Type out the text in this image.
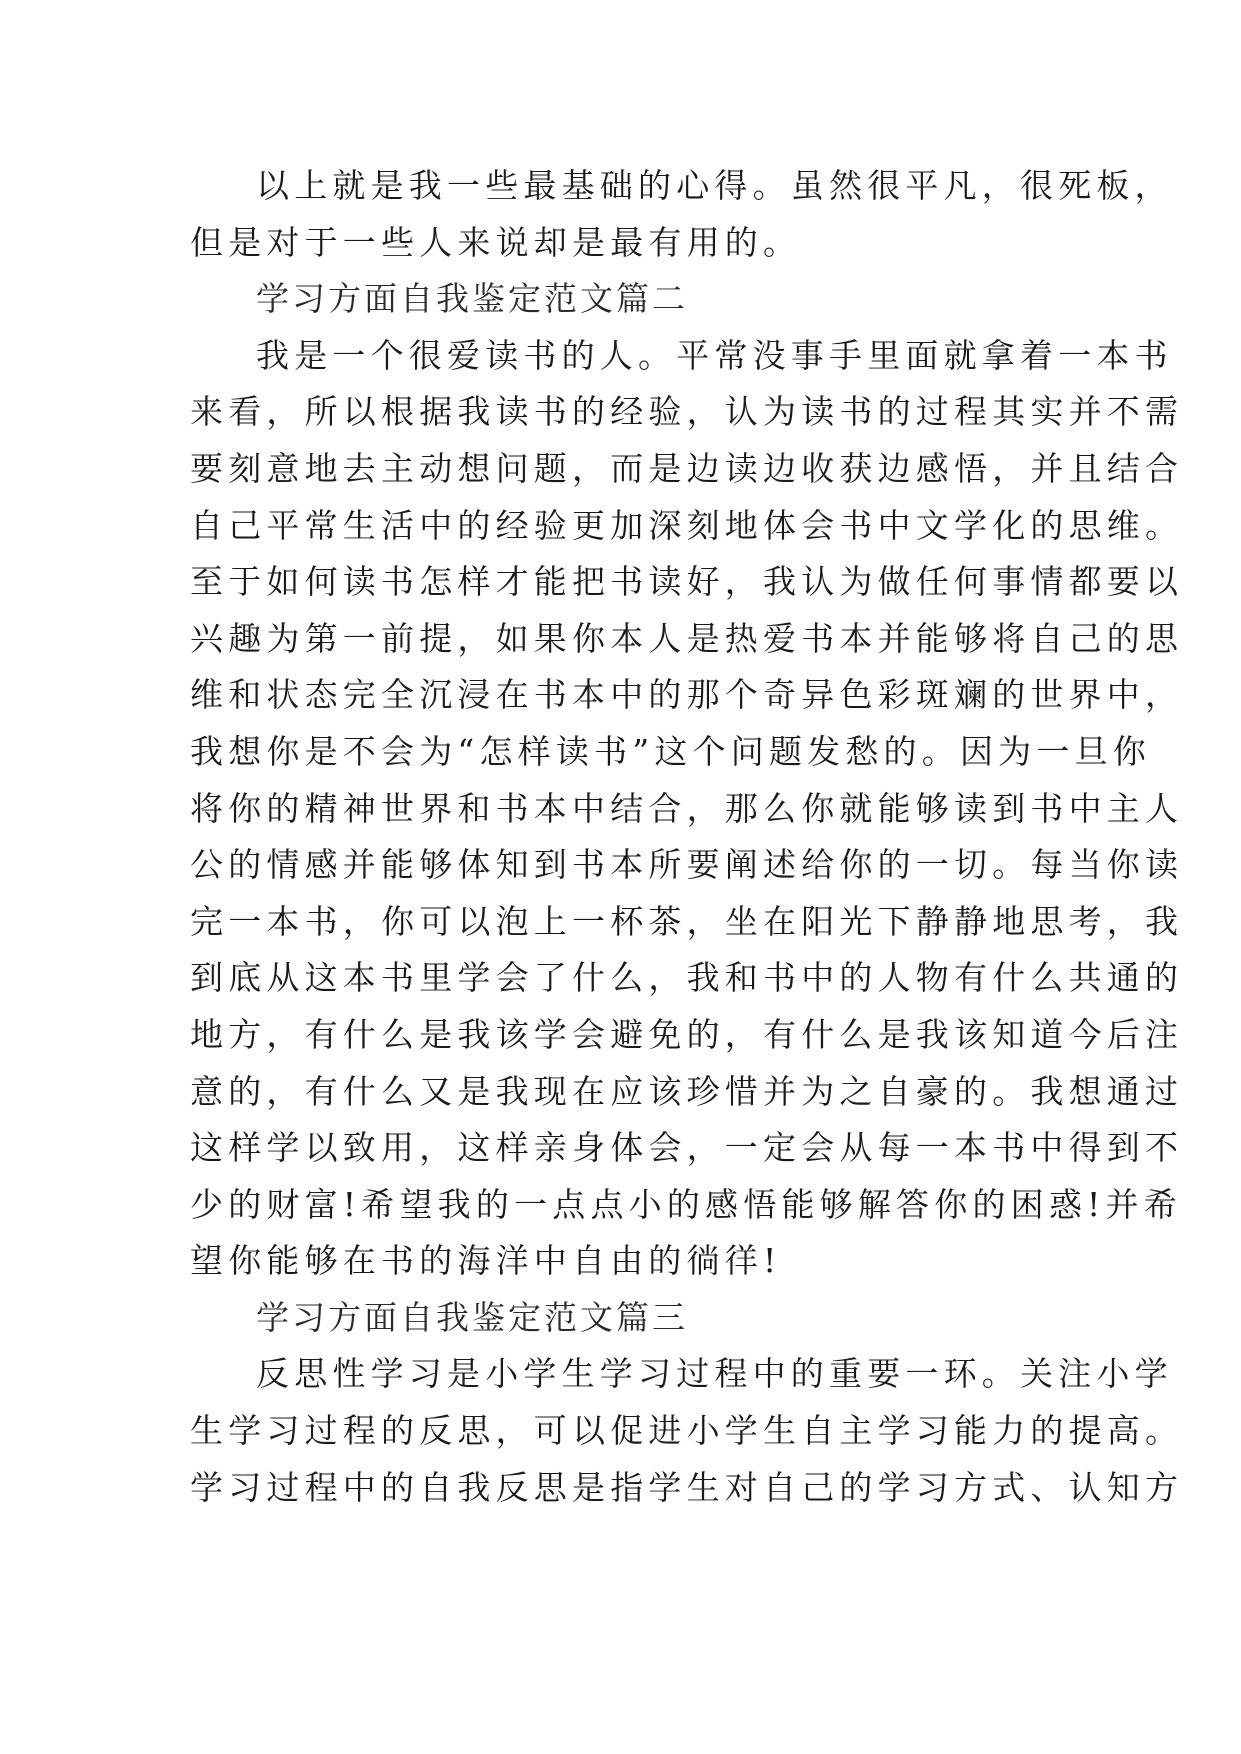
以上就是我一些最基础的心得。虽然很平凡，很死板，
但是对于一些人来说却是最有用的。
学习方面自我鉴定范文篇二
我是一个很爱读书的人。平常没事手里面就拿着一本书
来看，所以根据我读书的经验，认为读书的过程其实并不需
要刻意地去主动想问题，而是边读边收获边感悟，并且结合
自己平常生活中的经验更加深刻地体会书中文学化的思维。
至于如何读书怎样才能把书读好，我认为做任何事情都要以
兴趣为第一前提，如果你本人是热爱书本并能够将自己的思
维和状态完全沉浸在书本中的那个奇异色彩斑斓的世界中，
我想你是不会为“怎样读书”这个问题发愁的。因为一旦你
将你的精神世界和书本中结合，那么你就能够读到书中主人
公的情感并能够体知到书本所要阐述给你的一切。每当你读
完一本书，你可以泡上一杯茶，坐在阳光下静静地思考，我
到底从这本书里学会了什么，我和书中的人物有什么共通的
地方，有什么是我该学会避免的，有什么是我该知道今后注
意的，有什么又是我现在应该珍惜并为之自豪的。我想通过
这样学以致用，这样亲身体会，一定会从每一本书中得到不
少的财富!希望我的一点点小的感悟能够解答你的困惑!并希
望你能够在书的海洋中自由的徜徉!
学习方面自我鉴定范文篇三
反思性学习是小学生学习过程中的重要一环。关注小学
生学习过程的反思，可以促进小学生自主学习能力的提高。
学习过程中的自我反思是指学生对自己的学习方式、认知方
